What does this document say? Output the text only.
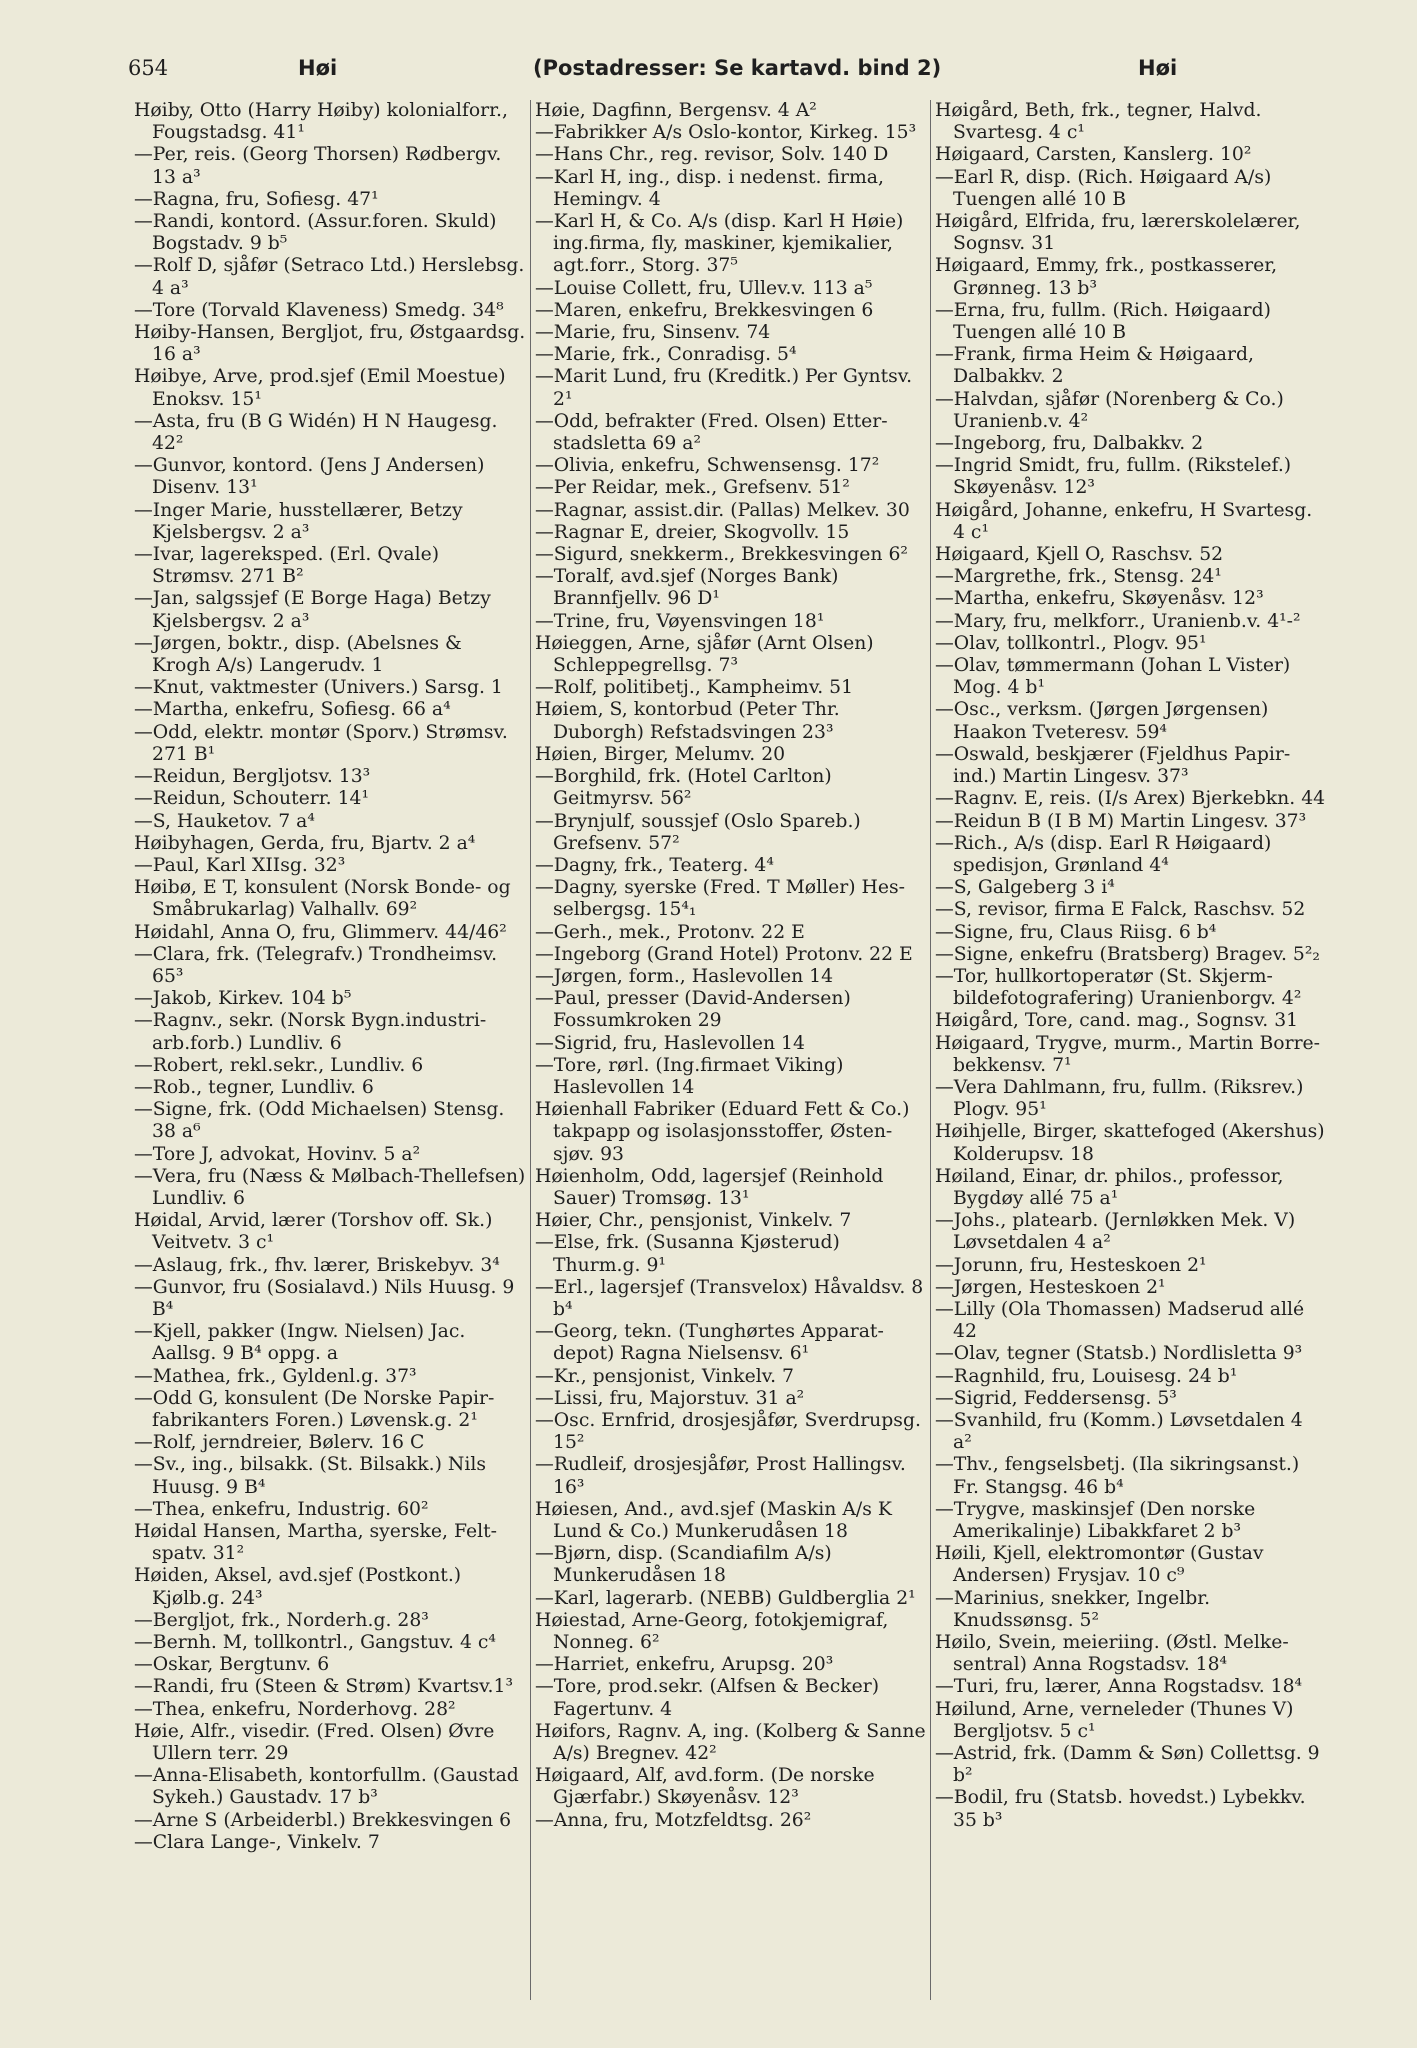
654	Høi	(Postadresser: Se kartavd. bind 2)	Høi

Høiby, Otto (Harry Høiby) kolonialforr., Fougstadsg. 41¹

—Per, reis. (Georg Thorsen) Rødbergv. 13 a³

—Ragna, fru, Sofiesg. 47¹

—Randi, kontord. (Assur.foren. Skuld) Bogstadv. 9 b⁵

—Rolf D, sjåfør (Setraco Ltd.) Herslebsg. 4 a³

—Tore (Torvald Klaveness) Smedg. 34⁸

Høiby-Hansen, Bergljot, fru, Østgaardsg. 16 a³

Høibye, Arve, prod.sjef (Emil Moestue) Enoksv. 15¹

—Asta, fru (B G Widén) H N Haugesg. 42²

—Gunvor, kontord. (Jens J Andersen) Disenv. 13¹

—Inger Marie, husstellærer, Betzy Kjelsbergsv. 2 a³

—Ivar, lagereksped. (Erl. Qvale) Strømsv. 271 B²

—Jan, salgssjef (E Borge Haga) Betzy Kjelsbergsv. 2 a³

—Jørgen, boktr., disp. (Abelsnes & Krogh A/s) Langerudv. 1

—Knut, vaktmester (Univers.) Sarsg. 1

—Martha, enkefru, Sofiesg. 66 a⁴

—Odd, elektr. montør (Sporv.) Strømsv. 271 B¹

—Reidun, Bergljotsv. 13³

—Reidun, Schouterr. 14¹

—S, Hauketov. 7 a⁴

Høibyhagen, Gerda, fru, Bjartv. 2 a⁴

—Paul, Karl XIIsg. 32³

Høibø, E T, konsulent (Norsk Bonde- og Småbrukarlag) Valhallv. 69²

Høidahl, Anna O, fru, Glimmerv. 44/46²

—Clara, frk. (Telegrafv.) Trondheimsv. 65³

—Jakob, Kirkev. 104 b⁵

—Ragnv., sekr. (Norsk Bygn.industriarb.forb.) Lundliv. 6

—Robert, rekl.sekr., Lundliv. 6

—Rob., tegner, Lundliv. 6

—Signe, frk. (Odd Michaelsen) Stensg. 38 a⁶

—Tore J, advokat, Hovinv. 5 a²

—Vera, fru (Næss & Mølbach-Thellefsen) Lundliv. 6

Høidal, Arvid, lærer (Torshov off. Sk.) Veitvetv. 3 c¹

—Aslaug, frk., fhv. lærer, Briskebyv. 3⁴

—Gunvor, fru (Sosialavd.) Nils Huusg. 9 B⁴

—Kjell, pakker (Ingw. Nielsen) Jac. Aallsg. 9 B⁴ oppg. a

—Mathea, frk., Gyldenl.g. 37³

—Odd G, konsulent (De Norske Papirfabrikanters Foren.) Løvensk.g. 2¹

—Rolf, jerndreier, Bølerv. 16 C

—Sv., ing., bilsakk. (St. Bilsakk.) Nils Huusg. 9 B⁴

—Thea, enkefru, Industrig. 60²

Høidal Hansen, Martha, syerske, Feltspatv. 31²

Høiden, Aksel, avd.sjef (Postkont.) Kjølb.g. 24³

—Bergljot, frk., Norderh.g. 28³

—Bernh. M, tollkontrl., Gangstuv. 4 c⁴

—Oskar, Bergtunv. 6

—Randi, fru (Steen & Strøm) Kvartsv.1³

—Thea, enkefru, Norderhovg. 28²

Høie, Alfr., visedir. (Fred. Olsen) Øvre Ullern terr. 29

—Anna-Elisabeth, kontorfullm. (Gaustad Sykeh.) Gaustadv. 17 b³

—Arne S (Arbeiderbl.) Brekkesvingen 6

—Clara Lange-, Vinkelv. 7

Høie, Dagfinn, Bergensv. 4 A²

—Fabrikker A/s Oslo-kontor, Kirkeg. 15³

—Hans Chr., reg. revisor, Solv. 140 D

—Karl H, ing., disp. i nedenst. firma, Hemingv. 4

—Karl H, & Co. A/s (disp. Karl H Høie) ing.firma, fly, maskiner, kjemikalier, agt.forr., Storg. 37⁵

—Louise Collett, fru, Ullev.v. 113 a⁵

—Maren, enkefru, Brekkesvingen 6

—Marie, fru, Sinsenv. 74

—Marie, frk., Conradisg. 5⁴

—Marit Lund, fru (Kreditk.) Per Gyntsv. 2¹

—Odd, befrakter (Fred. Olsen) Etterstadsletta 69 a²

—Olivia, enkefru, Schwensensg. 17²

—Per Reidar, mek., Grefsenv. 51²

—Ragnar, assist.dir. (Pallas) Melkev. 30

—Ragnar E, dreier, Skogvollv. 15

—Sigurd, snekkerm., Brekkesvingen 6²

—Toralf, avd.sjef (Norges Bank) Brannfjellv. 96 D¹

—Trine, fru, Vøyensvingen 18¹

Høieggen, Arne, sjåfør (Arnt Olsen) Schleppegrellsg. 7³

—Rolf, politibetj., Kampheimv. 51

Høiem, S, kontorbud (Peter Thr. Duborgh) Refstadsvingen 23³

Høien, Birger, Melumv. 20

—Borghild, frk. (Hotel Carlton) Geitmyrsv. 56²

—Brynjulf, soussjef (Oslo Spareb.) Grefsenv. 57²

—Dagny, frk., Teaterg. 4⁴

—Dagny, syerske (Fred. T Møller) Hesselbergsg. 15⁴₁

—Gerh., mek., Protonv. 22 E

—Ingeborg (Grand Hotel) Protonv. 22 E

—Jørgen, form., Haslevollen 14

—Paul, presser (David-Andersen) Fossumkroken 29

—Sigrid, fru, Haslevollen 14

—Tore, rørl. (Ing.firmaet Viking) Haslevollen 14

Høienhall Fabriker (Eduard Fett & Co.) takpapp og isolasjonsstoffer, Østensjøv. 93

Høienholm, Odd, lagersjef (Reinhold Sauer) Tromsøg. 13¹

Høier, Chr., pensjonist, Vinkelv. 7

—Else, frk. (Susanna Kjøsterud) Thurm.g. 9¹

—Erl., lagersjef (Transvelox) Håvaldsv. 8 b⁴

—Georg, tekn. (Tunghørtes Apparatdepot) Ragna Nielsensv. 6¹

—Kr., pensjonist, Vinkelv. 7

—Lissi, fru, Majorstuv. 31 a²

—Osc. Ernfrid, drosjesjåfør, Sverdrupsg. 15²

—Rudleif, drosjesjåfør, Prost Hallingsv. 16³

Høiesen, And., avd.sjef (Maskin A/s K Lund & Co.) Munkerudåsen 18

—Bjørn, disp. (Scandiafilm A/s) Munkerudåsen 18

—Karl, lagerarb. (NEBB) Guldberglia 2¹

Høiestad, Arne-Georg, fotokjemigraf, Nonneg. 6²

—Harriet, enkefru, Arupsg. 20³

—Tore, prod.sekr. (Alfsen & Becker) Fagertunv. 4

Høifors, Ragnv. A, ing. (Kolberg & Sanne A/s) Bregnev. 42²

Høigaard, Alf, avd.form. (De norske Gjærfabr.) Skøyenåsv. 12³

—Anna, fru, Motzfeldtsg. 26²

Høigård, Beth, frk., tegner, Halvd. Svartesg. 4 c¹

Høigaard, Carsten, Kanslerg. 10²

—Earl R, disp. (Rich. Høigaard A/s) Tuengen allé 10 B

Høigård, Elfrida, fru, lærerskolelærer, Sognsv. 31

Høigaard, Emmy, frk., postkasserer, Grønneg. 13 b³

—Erna, fru, fullm. (Rich. Høigaard) Tuengen allé 10 B

—Frank, firma Heim & Høigaard, Dalbakkv. 2

—Halvdan, sjåfør (Norenberg & Co.) Uranienb.v. 4²

—Ingeborg, fru, Dalbakkv. 2

—Ingrid Smidt, fru, fullm. (Rikstelef.) Skøyenåsv. 12³

Høigård, Johanne, enkefru, H Svartesg. 4 c¹

Høigaard, Kjell O, Raschsv. 52

—Margrethe, frk., Stensg. 24¹

—Martha, enkefru, Skøyenåsv. 12³

—Mary, fru, melkforr., Uranienb.v. 4¹-²

—Olav, tollkontrl., Plogv. 95¹

—Olav, tømmermann (Johan L Vister) Mog. 4 b¹

—Osc., verksm. (Jørgen Jørgensen) Haakon Tveteresv. 59⁴

—Oswald, beskjærer (Fjeldhus Papirind.) Martin Lingesv. 37³

—Ragnv. E, reis. (I/s Arex) Bjerkebkn. 44

—Reidun B (I B M) Martin Lingesv. 37³

—Rich., A/s (disp. Earl R Høigaard) spedisjon, Grønland 4⁴

—S, Galgeberg 3 i⁴

—S, revisor, firma E Falck, Raschsv. 52

—Signe, fru, Claus Riisg. 6 b⁴

—Signe, enkefru (Bratsberg) Bragev. 5²₂

—Tor, hullkortoperatør (St. Skjermbildefotografering) Uranienborgv. 4²

Høigård, Tore, cand. mag., Sognsv. 31

Høigaard, Trygve, murm., Martin Borrebekkensv. 7¹

—Vera Dahlmann, fru, fullm. (Riksrev.) Plogv. 95¹

Høihjelle, Birger, skattefoged (Akershus) Kolderupsv. 18

Høiland, Einar, dr. philos., professor, Bygdøy allé 75 a¹

—Johs., platearb. (Jernløkken Mek. V) Løvsetdalen 4 a²

—Jorunn, fru, Hesteskoen 2¹

—Jørgen, Hesteskoen 2¹

—Lilly (Ola Thomassen) Madserud allé 42

—Olav, tegner (Statsb.) Nordlisletta 9³

—Ragnhild, fru, Louisesg. 24 b¹

—Sigrid, Feddersensg. 5³

—Svanhild, fru (Komm.) Løvsetdalen 4 a²

—Thv., fengselsbetj. (Ila sikringsanst.) Fr. Stangsg. 46 b⁴

—Trygve, maskinsjef (Den norske Amerikalinje) Libakkfaret 2 b³

Høili, Kjell, elektromontør (Gustav Andersen) Frysjav. 10 c⁹

—Marinius, snekker, Ingelbr. Knudssønsg. 5²

Høilo, Svein, meieriing. (Østl. Melkesentral) Anna Rogstadsv. 18⁴

—Turi, fru, lærer, Anna Rogstadsv. 18⁴

Høilund, Arne, verneleder (Thunes V) Bergljotsv. 5 c¹

—Astrid, frk. (Damm & Søn) Collettsg. 9 b²

—Bodil, fru (Statsb. hovedst.) Lybekkv. 35 b³
